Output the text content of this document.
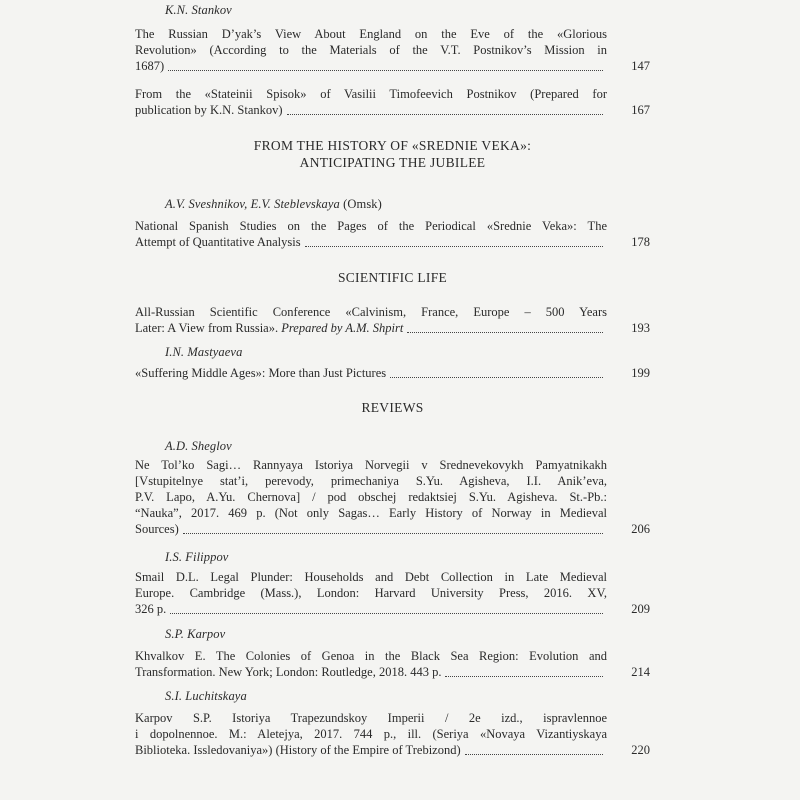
K.N. Stankov
The Russian D’yak’s View About England on the Eve of the «Glorious
Revolution» (According to the Materials of the V.T. Postnikov’s Mission in
1687)	147
From the «Stateinii Spisok» of Vasilii Timofeevich Postnikov (Prepared for
publication by K.N. Stankov)	167
FROM THE HISTORY OF «SREDNIE VEKA»:
ANTICIPATING THE JUBILEE
A.V. Sveshnikov, E.V. Steblevskaya (Omsk)
National Spanish Studies on the Pages of the Periodical «Srednie Veka»: The
Attempt of Quantitative Analysis	178
SCIENTIFIC LIFE
All-Russian Scientific Conference «Calvinism, France, Europe – 500 Years
Later: A View from Russia». Prepared by A.M. Shpirt	193
I.N. Mastyaeva
«Suffering Middle Ages»: More than Just Pictures	199
REVIEWS
A.D. Sheglov
Ne Tol’ko Sagi… Rannyaya Istoriya Norvegii v Srednevekovykh Pamyatnikakh
[Vstupitelnye stat’i, perevody, primechaniya S.Yu. Agisheva, I.I. Anik’eva,
P.V. Lapo, A.Yu. Chernova] / pod obschej redaktsiej S.Yu. Agisheva. St.-Pb.:
“Nauka”, 2017. 469 p. (Not only Sagas… Early History of Norway in Medieval
Sources)	206
I.S. Filippov
Smail D.L. Legal Plunder: Households and Debt Collection in Late Medieval
Europe. Cambridge (Mass.), London: Harvard University Press, 2016. XV,
326 p.	209
S.P. Karpov
Khvalkov E. The Colonies of Genoa in the Black Sea Region: Evolution and
Transformation. New York; London: Routledge, 2018. 443 p.	214
S.I. Luchitskaya
Karpov S.P. Istoriya Trapezundskoy Imperii / 2e izd., ispravlennoe
i dopolnennoe. M.: Aletejya, 2017. 744 p., ill. (Seriya «Novaya Vizantiyskaya
Biblioteka. Issledovaniya») (History of the Empire of Trebizond)	220
